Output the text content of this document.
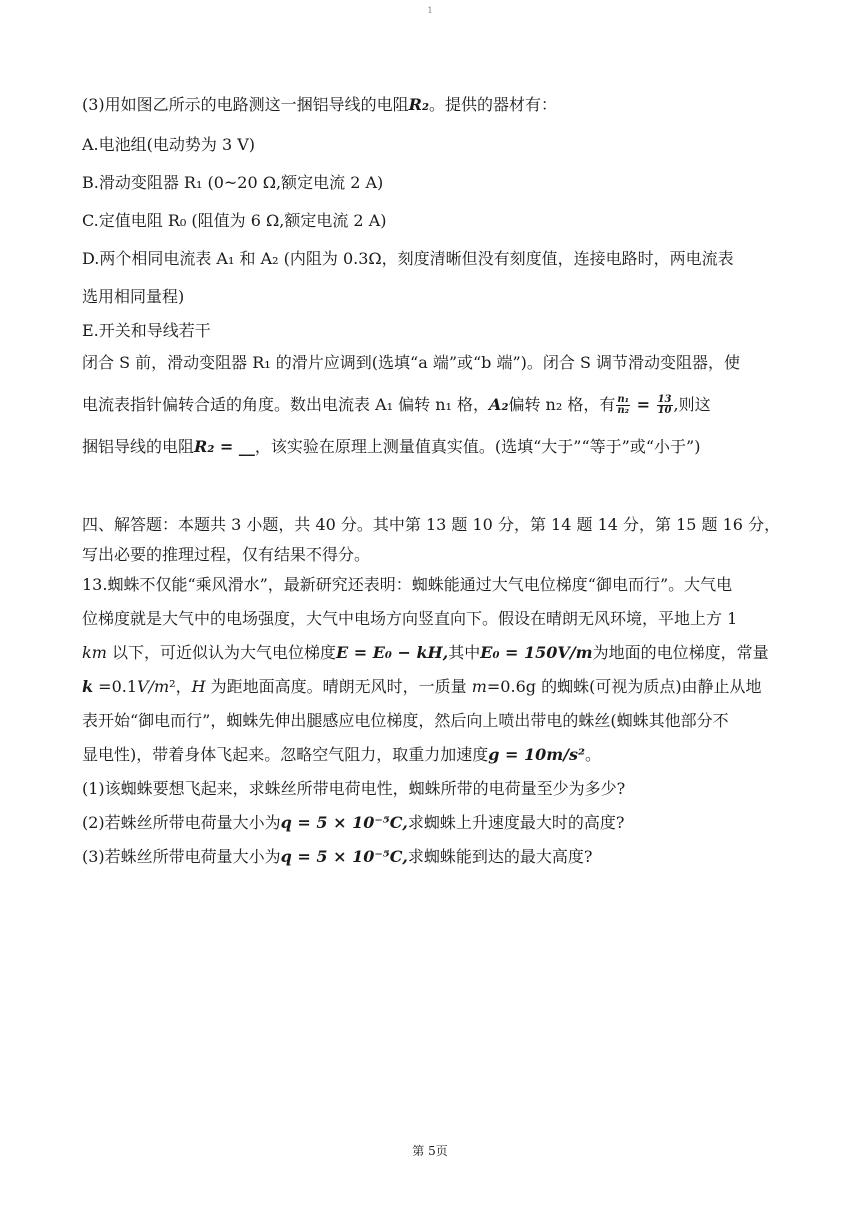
1

(3)用如图乙所示的电路测这一捆铝导线的电阻R₂。提供的器材有：

A.电池组(电动势为 3 V)

B.滑动变阻器 R₁ (0~20 Ω,额定电流 2 A)

C.定值电阻 R₀ (阻值为 6 Ω,额定电流 2 A)

D.两个相同电流表 A₁ 和 A₂ (内阻为 0.3Ω，刻度清晰但没有刻度值，连接电路时，两电流表

选用相同量程)

E.开关和导线若干

闭合 S 前，滑动变阻器 R₁ 的滑片应调到(选填“a 端”或“b 端”)。闭合 S 调节滑动变阻器，使

电流表指针偏转合适的角度。数出电流表 A₁ 偏转 n₁ 格，A₂偏转 n₂ 格，有 $\frac{\text{n₁}}{\text{n₂}} = \frac{13}{10}$ ,则这

捆铝导线的电阻R₂ = __，该实验在原理上测量值真实值。(选填“大于”“等于”或“小于”)

四、解答题：本题共 3 小题，共 40 分。其中第 13 题 10 分，第 14 题 14 分，第 15 题 16 分，

写出必要的推理过程，仅有结果不得分。

13.蜘蛛不仅能“乘风滑水”，最新研究还表明：蜘蛛能通过大气电位梯度“御电而行”。大气电

位梯度就是大气中的电场强度，大气中电场方向竖直向下。假设在晴朗无风环境，平地上方 1

km 以下，可近似认为大气电位梯度E = E₀ − kH,其中E₀ = 150V/m为地面的电位梯度，常量

k =0.1V/m²，H 为距地面高度。晴朗无风时，一质量 m=0.6g 的蜘蛛(可视为质点)由静止从地

表开始“御电而行”，蜘蛛先伸出腿感应电位梯度，然后向上喷出带电的蛛丝(蜘蛛其他部分不

显电性)，带着身体飞起来。忽略空气阻力，取重力加速度g = 10m/s²。

(1)该蜘蛛要想飞起来，求蛛丝所带电荷电性，蜘蛛所带的电荷量至少为多少?

(2)若蛛丝所带电荷量大小为q = 5 × 10⁻⁵C,求蜘蛛上升速度最大时的高度?

(3)若蛛丝所带电荷量大小为q = 5 × 10⁻⁵C,求蜘蛛能到达的最大高度?

第 5页
